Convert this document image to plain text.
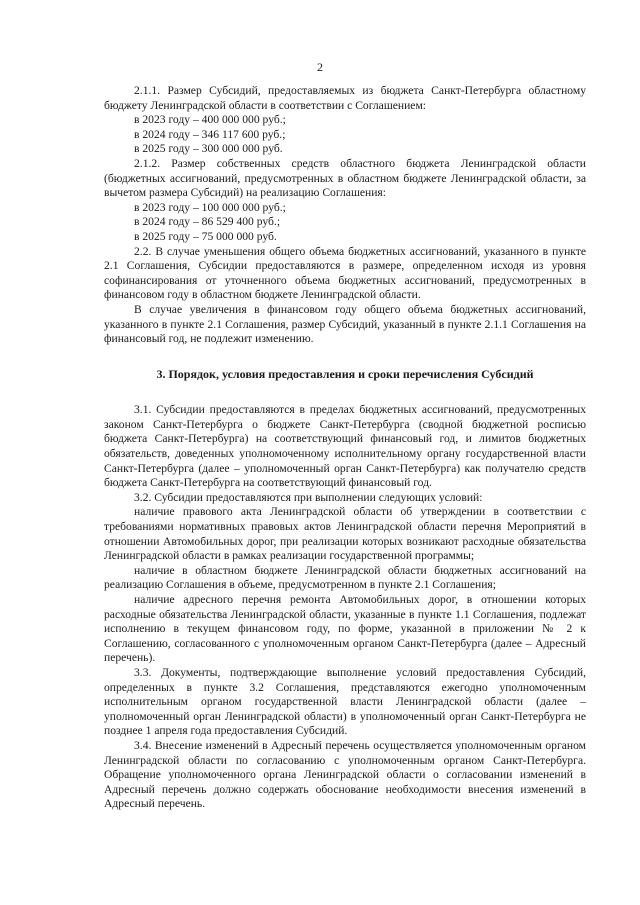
2

2.1.1. Размер Субсидий, предоставляемых из бюджета Санкт-Петербурга областному бюджету Ленинградской области в соответствии с Соглашением:

в 2023 году – 400 000 000 руб.;

в 2024 году – 346 117 600 руб.;

в 2025 году – 300 000 000 руб.

2.1.2. Размер собственных средств областного бюджета Ленинградской области (бюджетных ассигнований, предусмотренных в областном бюджете Ленинградской области, за вычетом размера Субсидий) на реализацию Соглашения:

в 2023 году – 100 000 000 руб.;

в 2024 году – 86 529 400 руб.;

в 2025 году – 75 000 000 руб.

2.2. В случае уменьшения общего объема бюджетных ассигнований, указанного в пункте 2.1 Соглашения, Субсидии предоставляются в размере, определенном исходя из уровня софинансирования от уточненного объема бюджетных ассигнований, предусмотренных в финансовом году в областном бюджете Ленинградской области.

В случае увеличения в финансовом году общего объема бюджетных ассигнований, указанного в пункте 2.1 Соглашения, размер Субсидий, указанный в пункте 2.1.1 Соглашения на финансовый год, не подлежит изменению.

3. Порядок, условия предоставления и сроки перечисления Субсидий

3.1. Субсидии предоставляются в пределах бюджетных ассигнований, предусмотренных законом Санкт-Петербурга о бюджете Санкт-Петербурга (сводной бюджетной росписью бюджета Санкт-Петербурга) на соответствующий финансовый год, и лимитов бюджетных обязательств, доведенных уполномоченному исполнительному органу государственной власти Санкт-Петербурга (далее – уполномоченный орган Санкт-Петербурга) как получателю средств бюджета Санкт-Петербурга на соответствующий финансовый год.

3.2. Субсидии предоставляются при выполнении следующих условий:

наличие правового акта Ленинградской области об утверждении в соответствии с требованиями нормативных правовых актов Ленинградской области перечня Мероприятий в отношении Автомобильных дорог, при реализации которых возникают расходные обязательства Ленинградской области в рамках реализации государственной программы;

наличие в областном бюджете Ленинградской области бюджетных ассигнований на реализацию Соглашения в объеме, предусмотренном в пункте 2.1 Соглашения;

наличие адресного перечня ремонта Автомобильных дорог, в отношении которых расходные обязательства Ленинградской области, указанные в пункте 1.1 Соглашения, подлежат исполнению в текущем финансовом году, по форме, указанной в приложении № 2 к Соглашению, согласованного с уполномоченным органом Санкт-Петербурга (далее – Адресный перечень).

3.3. Документы, подтверждающие выполнение условий предоставления Субсидий, определенных в пункте 3.2 Соглашения, представляются ежегодно уполномоченным исполнительным органом государственной власти Ленинградской области (далее – уполномоченный орган Ленинградской области) в уполномоченный орган Санкт-Петербурга не позднее 1 апреля года предоставления Субсидий.

3.4. Внесение изменений в Адресный перечень осуществляется уполномоченным органом Ленинградской области по согласованию с уполномоченным органом Санкт-Петербурга. Обращение уполномоченного органа Ленинградской области о согласовании изменений в Адресный перечень должно содержать обоснование необходимости внесения изменений в Адресный перечень.
